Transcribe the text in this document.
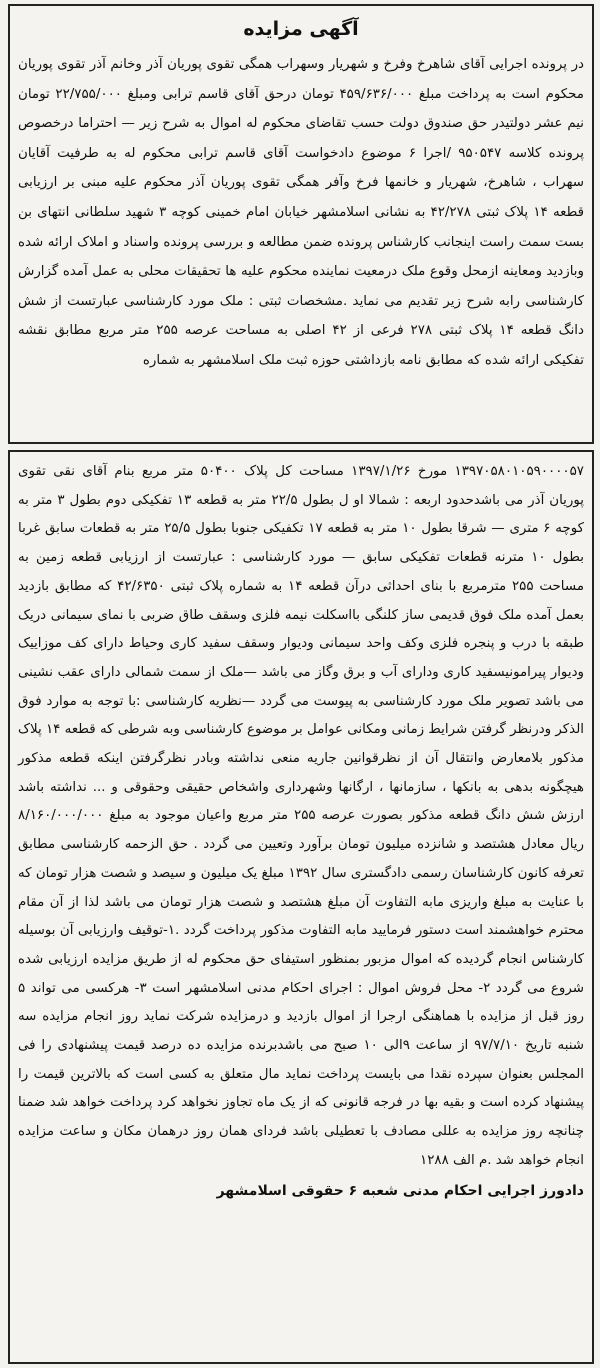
آگهی مزایده

در پرونده اجرایی آقای شاهرخ وفرخ و شهریار وسهراب همگی تقوی پوریان آذر وخانم آذر تقوی پوریان محکوم است به پرداخت مبلغ ۴۵۹/۶۳۶/۰۰۰ تومان درحق آقای قاسم ترابی ومبلغ ۲۲/۷۵۵/۰۰۰ تومان نیم عشر دولتیدر حق صندوق دولت حسب تقاضای محکوم له اموال به شرح زیر — احتراما درخصوص پرونده کلاسه ۹۵۰۵۴۷ /اجرا ۶ موضوع دادخواست آقای قاسم ترابی محکوم له به طرفیت آقایان سهراب ، شاهرخ، شهریار و خانمها فرخ وآفر همگی تقوی پوریان آذر محکوم علیه مبنی بر ارزیابی قطعه ۱۴ پلاک ثبتی ۴۲/۲۷۸ به نشانی اسلامشهر خیابان امام خمینی کوچه ۳ شهید سلطانی انتهای بن بست سمت راست اینجانب کارشناس پرونده ضمن مطالعه و بررسی پرونده واسناد و املاک ارائه شده وبازدید ومعاینه ازمحل وقوع ملک درمعیت نماینده محکوم علیه ها تحقیقات محلی به عمل آمده گزارش کارشناسی رابه شرح زیر تقدیم می نماید .مشخصات ثبتی : ملک مورد کارشناسی عبارتست از شش دانگ قطعه ۱۴ پلاک ثبتی ۲۷۸ فرعی از ۴۲ اصلی به مساحت عرصه ۲۵۵ متر مربع مطابق نقشه تفکیکی ارائه شده که مطابق نامه بازداشتی حوزه ثبت ملک اسلامشهر به شماره

۱۳۹۷۰۵۸۰۱۰۵۹۰۰۰۰۵۷ مورخ ۱۳۹۷/۱/۲۶ مساحت کل پلاک ۵۰۴۰۰ متر مربع بنام آقای نقی تقوی پوریان آذر می باشدحدود اربعه : شمالا او ل بطول ۲۲/۵ متر به قطعه ۱۳ تفکیکی دوم بطول ۳ متر به کوچه ۶ متری — شرقا بطول ۱۰ متر به قطعه ۱۷ تکفیکی جنوبا بطول ۲۵/۵ متر به قطعات سابق غربا بطول ۱۰ مترنه قطعات تفکیکی سابق — مورد کارشناسی : عبارتست از ارزیابی قطعه زمین به مساحت ۲۵۵ مترمربع با بنای احداثی درآن قطعه ۱۴ به شماره پلاک ثبتی ۴۲/۶۳۵۰ که مطابق بازدید بعمل آمده ملک فوق قدیمی ساز کلنگی بااسکلت نیمه فلزی وسقف طاق ضربی با نمای سیمانی دریک طبقه با درب و پنجره فلزی وکف واحد سیمانی ودیوار وسقف سفید کاری وحیاط دارای کف موزاییک ودیوار پیرامونیسفید کاری ودارای آب و برق وگاز می باشد —ملک از سمت شمالی دارای عقب نشینی می باشد تصویر ملک مورد کارشناسی به پیوست می گردد —نظریه کارشناسی :با توجه به موارد فوق الذکر ودرنظر گرفتن شرایط زمانی ومکانی عوامل بر موضوع کارشناسی وبه شرطی که قطعه ۱۴ پلاک مذکور بلامعارض وانتقال آن از نظرقوانین جاریه منعی نداشته وبادر نظرگرفتن اینکه قطعه مذکور هیچگونه بدهی به بانکها ، سازمانها ، ارگانها وشهرداری واشخاص حقیقی وحقوقی و ... نداشته باشد ارزش شش دانگ قطعه مذکور بصورت عرصه ۲۵۵ متر مربع واعیان موجود به مبلغ ۸/۱۶۰/۰۰۰/۰۰۰ ریال معادل هشتصد و شانزده میلیون تومان برآورد وتعیین می گردد . حق الزحمه کارشناسی مطابق تعرفه کانون کارشناسان رسمی دادگستری سال ۱۳۹۲ مبلغ یک میلیون و سیصد و شصت هزار تومان که با عنایت به مبلغ واریزی مابه التفاوت آن مبلغ هشتصد و شصت هزار تومان می باشد لذا از آن مقام محترم خواهشمند است دستور فرمایید مابه التفاوت مذکور پرداخت گردد .۱-توقیف وارزیابی آن بوسیله کارشناس انجام گردیده که اموال مزبور بمنظور استیفای حق محکوم له از طریق مزایده ارزیابی شده شروع می گردد ۲- محل فروش اموال : اجرای احکام مدنی اسلامشهر است ۳- هرکسی می تواند ۵ روز قبل از مزایده با هماهنگی ارجرا از اموال بازدید و درمزایده شرکت نماید روز انجام مزایده سه شنبه تاریخ ۹۷/۷/۱۰ از ساعت ۹الی ۱۰ صبح می باشدبرنده مزایده ده درصد قیمت پیشنهادی را فی المجلس بعنوان سپرده نقدا می بایست پرداخت نماید مال متعلق به کسی است که بالاترین قیمت را پیشنهاد کرده است و بقیه بها در فرجه قانونی که از یک ماه تجاوز نخواهد کرد پرداخت خواهد شد ضمنا چنانچه روز مزایده به عللی مصادف با تعطیلی باشد فردای همان روز درهمان مکان و ساعت مزایده انجام خواهد شد .م الف ۱۲۸۸

دادورز اجرایی احکام مدنی شعبه ۶ حقوقی اسلامشهر
